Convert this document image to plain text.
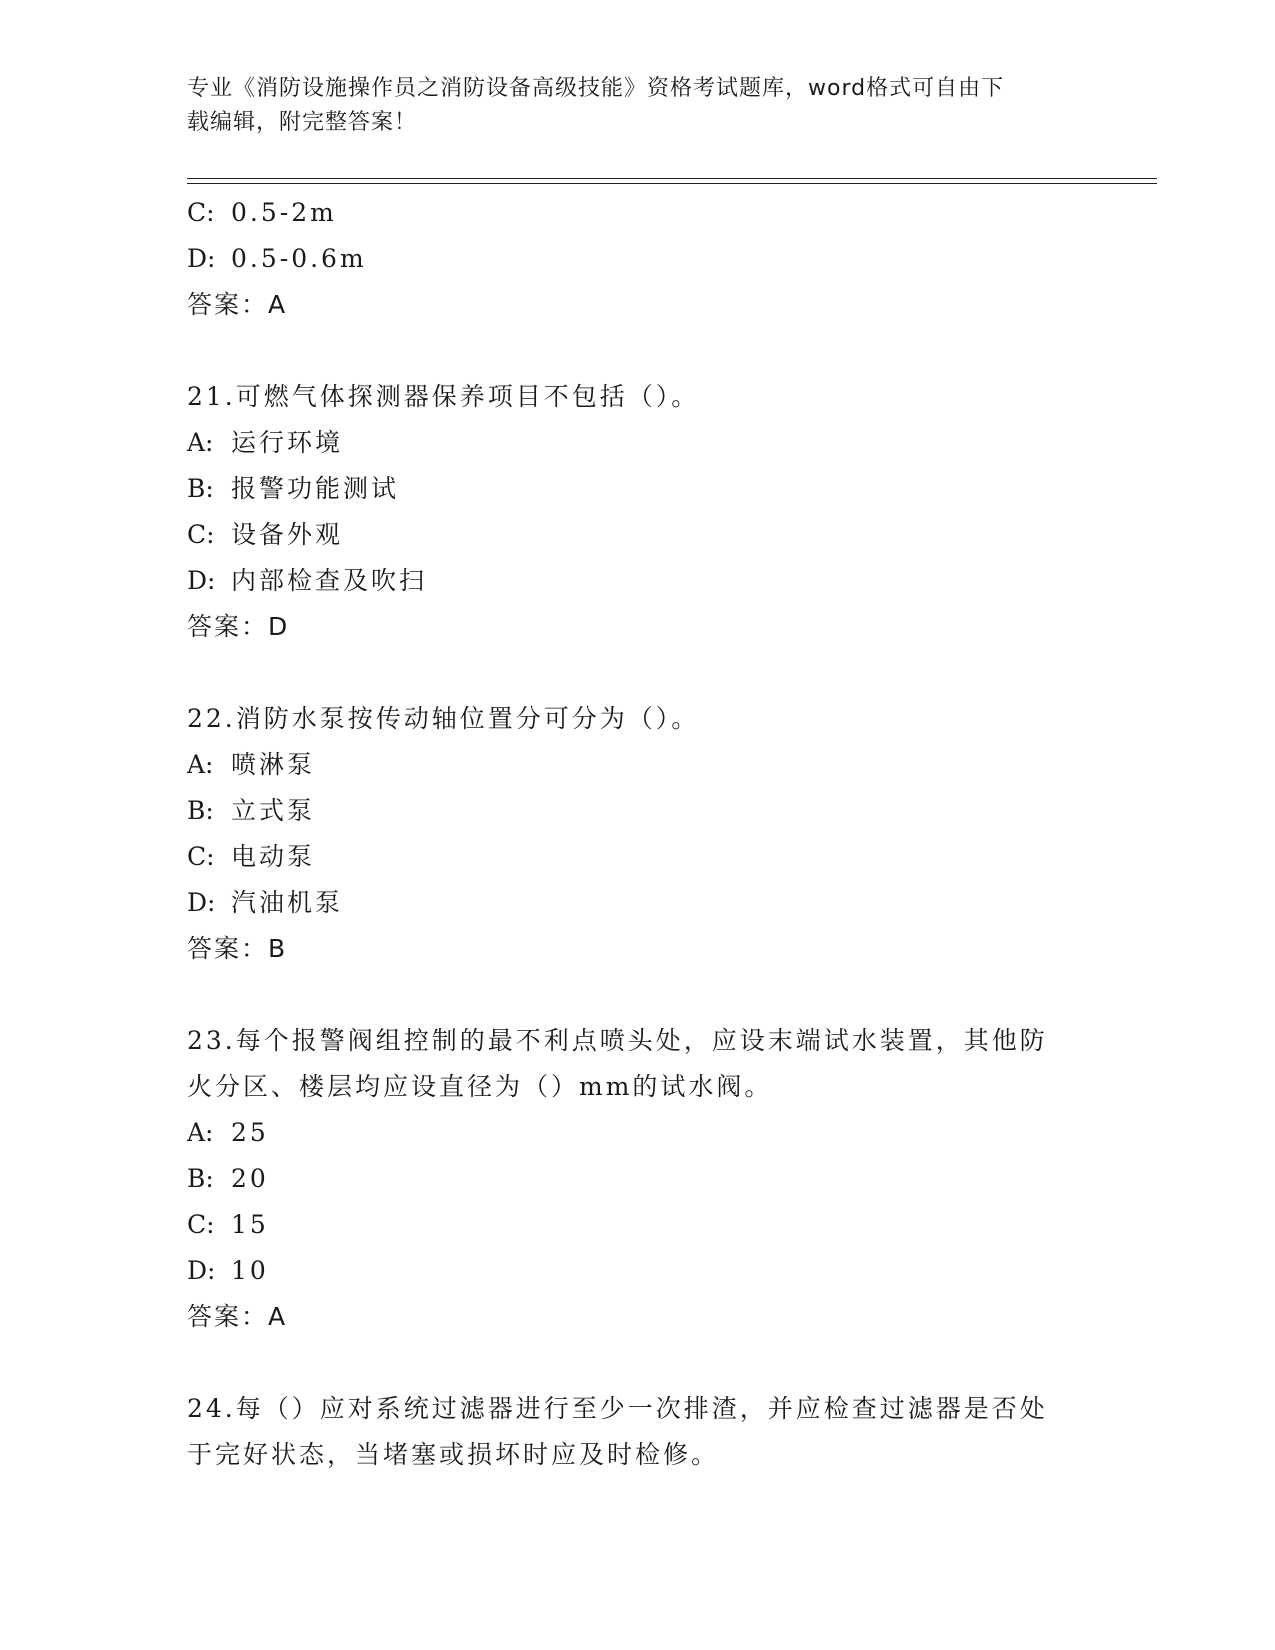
专业《消防设施操作员之消防设备高级技能》资格考试题库，word格式可自由下
载编辑，附完整答案！
C: 0.5-2m
D: 0.5-0.6m
答案：A
21.可燃气体探测器保养项目不包括（）。
A: 运行环境
B: 报警功能测试
C: 设备外观
D: 内部检查及吹扫
答案：D
22.消防水泵按传动轴位置分可分为（）。
A: 喷淋泵
B: 立式泵
C: 电动泵
D: 汽油机泵
答案：B
23.每个报警阀组控制的最不利点喷头处，应设末端试水装置，其他防
火分区、楼层均应设直径为（）mm的试水阀。
A: 25
B: 20
C: 15
D: 10
答案：A
24.每（）应对系统过滤器进行至少一次排渣，并应检查过滤器是否处
于完好状态，当堵塞或损坏时应及时检修。
